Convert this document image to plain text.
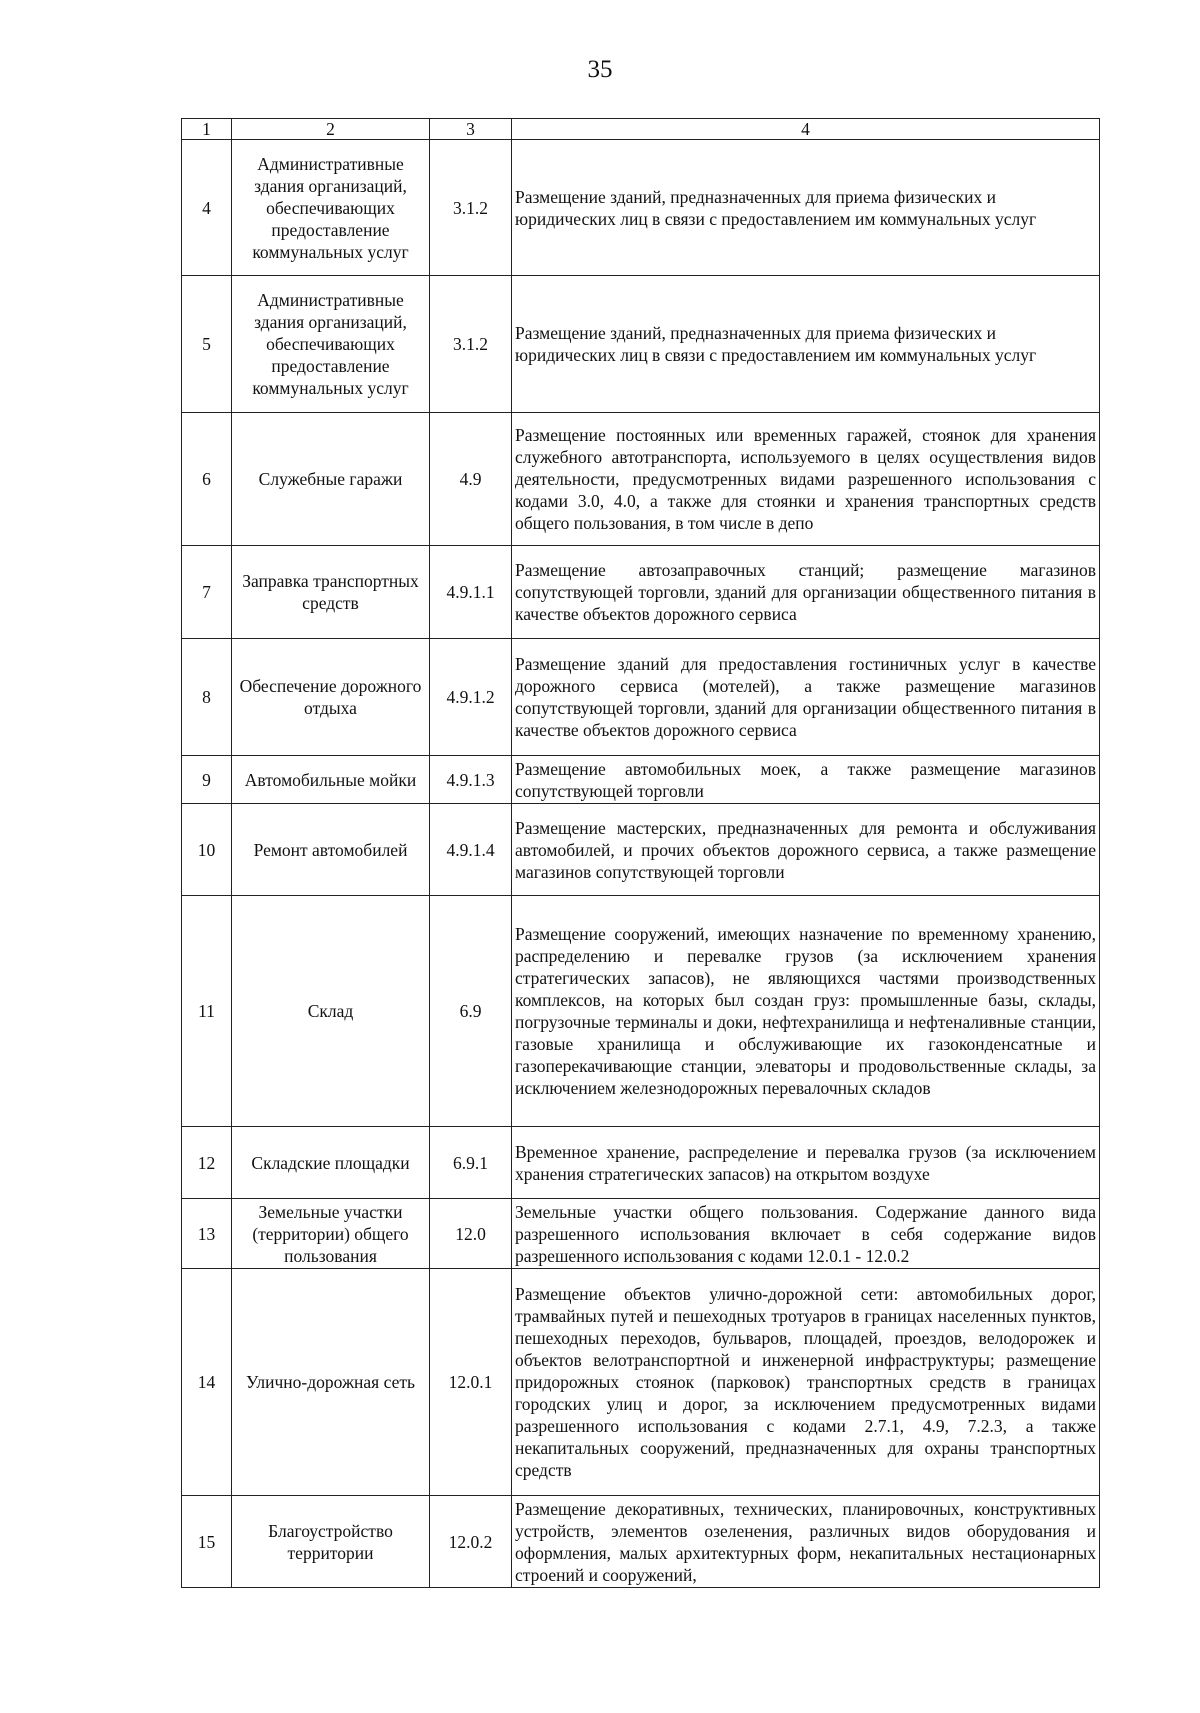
35
1	2	3	4
4	Административные здания организаций, обеспечивающих предоставление коммунальных услуг	3.1.2	Размещение зданий, предназначенных для приема физических и юридических лиц в связи с предоставлением им коммунальных услуг
5	Административные здания организаций, обеспечивающих предоставление коммунальных услуг	3.1.2	Размещение зданий, предназначенных для приема физических и юридических лиц в связи с предоставлением им коммунальных услуг
6	Служебные гаражи	4.9	Размещение постоянных или временных гаражей, стоянок для хранения служебного автотранспорта, используемого в целях осуществления видов деятельности, предусмотренных видами разрешенного использования с кодами 3.0, 4.0, а также для стоянки и хранения транспортных средств общего пользования, в том числе в депо
7	Заправка транспортных средств	4.9.1.1	Размещение автозаправочных станций; размещение магазинов сопутствующей торговли, зданий для организации общественного питания в качестве объектов дорожного сервиса
8	Обеспечение дорожного отдыха	4.9.1.2	Размещение зданий для предоставления гостиничных услуг в качестве дорожного сервиса (мотелей), а также размещение магазинов сопутствующей торговли, зданий для организации общественного питания в качестве объектов дорожного сервиса
9	Автомобильные мойки	4.9.1.3	Размещение автомобильных моек, а также размещение магазинов сопутствующей торговли
10	Ремонт автомобилей	4.9.1.4	Размещение мастерских, предназначенных для ремонта и обслуживания автомобилей, и прочих объектов дорожного сервиса, а также размещение магазинов сопутствующей торговли
11	Склад	6.9	Размещение сооружений, имеющих назначение по временному хранению, распределению и перевалке грузов (за исключением хранения стратегических запасов), не являющихся частями производственных комплексов, на которых был создан груз: промышленные базы, склады, погрузочные терминалы и доки, нефтехранилища и нефтеналивные станции, газовые хранилища и обслуживающие их газоконденсатные и газоперекачивающие станции, элеваторы и продовольственные склады, за исключением железнодорожных перевалочных складов
12	Складские площадки	6.9.1	Временное хранение, распределение и перевалка грузов (за исключением хранения стратегических запасов) на открытом воздухе
13	Земельные участки (территории) общего пользования	12.0	Земельные участки общего пользования. Содержание данного вида разрешенного использования включает в себя содержание видов разрешенного использования с кодами 12.0.1 - 12.0.2
14	Улично-дорожная сеть	12.0.1	Размещение объектов улично-дорожной сети: автомобильных дорог, трамвайных путей и пешеходных тротуаров в границах населенных пунктов, пешеходных переходов, бульваров, площадей, проездов, велодорожек и объектов велотранспортной и инженерной инфраструктуры; размещение придорожных стоянок (парковок) транспортных средств в границах городских улиц и дорог, за исключением предусмотренных видами разрешенного использования с кодами 2.7.1, 4.9, 7.2.3, а также некапитальных сооружений, предназначенных для охраны транспортных средств
15	Благоустройство территории	12.0.2	Размещение декоративных, технических, планировочных, конструктивных устройств, элементов озеленения, различных видов оборудования и оформления, малых архитектурных форм, некапитальных нестационарных строений и сооружений,
